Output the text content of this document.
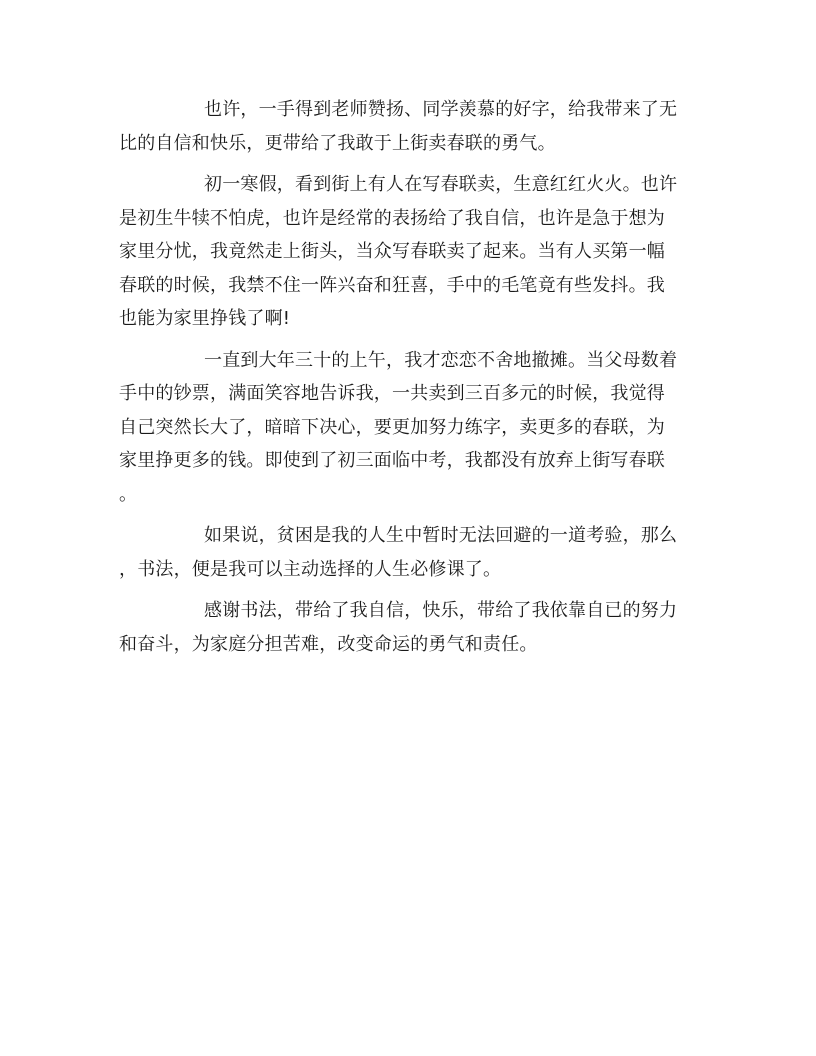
也许，一手得到老师赞扬、同学羡慕的好字，给我带来了无
比的自信和快乐，更带给了我敢于上街卖春联的勇气。

初一寒假，看到街上有人在写春联卖，生意红红火火。也许
是初生牛犊不怕虎，也许是经常的表扬给了我自信，也许是急于想为
家里分忧，我竟然走上街头，当众写春联卖了起来。当有人买第一幅
春联的时候，我禁不住一阵兴奋和狂喜，手中的毛笔竟有些发抖。我
也能为家里挣钱了啊!

一直到大年三十的上午，我才恋恋不舍地撤摊。当父母数着
手中的钞票，满面笑容地告诉我，一共卖到三百多元的时候，我觉得
自己突然长大了，暗暗下决心，要更加努力练字，卖更多的春联，为
家里挣更多的钱。即使到了初三面临中考，我都没有放弃上街写春联
。

如果说，贫困是我的人生中暂时无法回避的一道考验，那么
，书法，便是我可以主动选择的人生必修课了。

感谢书法，带给了我自信，快乐，带给了我依靠自已的努力
和奋斗，为家庭分担苦难，改变命运的勇气和责任。
